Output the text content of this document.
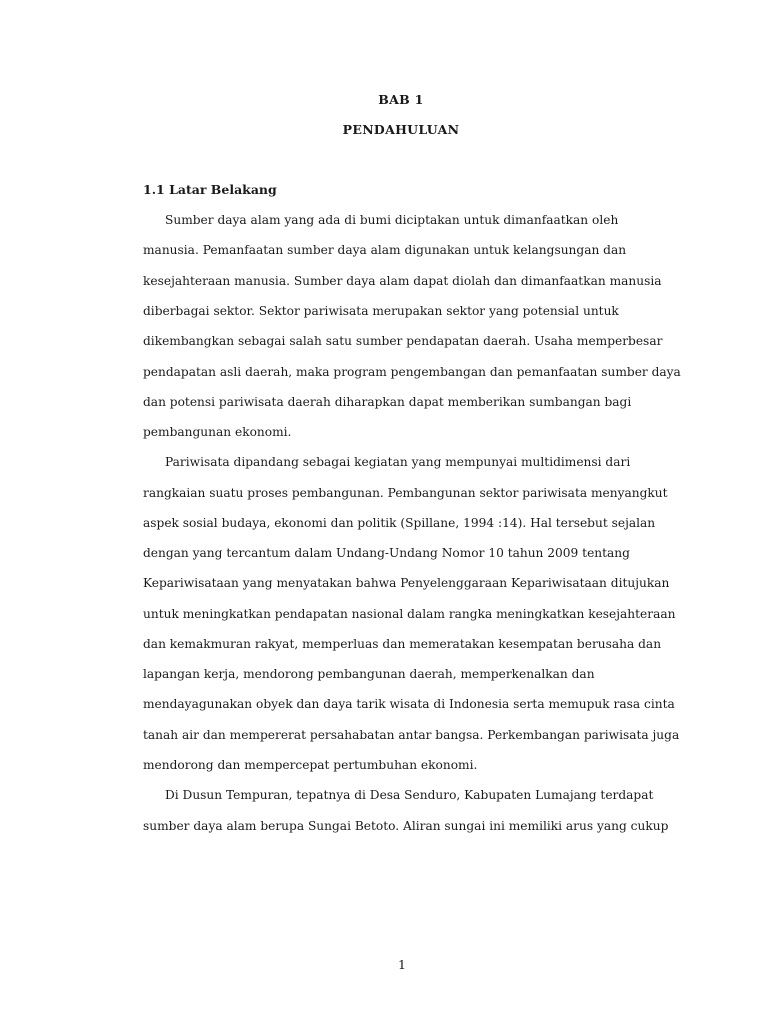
BAB 1
PENDAHULUAN
1.1 Latar Belakang
Sumber daya alam yang ada di bumi diciptakan untuk dimanfaatkan oleh
manusia. Pemanfaatan sumber daya alam digunakan untuk kelangsungan dan
kesejahteraan manusia. Sumber daya alam dapat diolah dan dimanfaatkan manusia
diberbagai sektor. Sektor pariwisata merupakan sektor yang potensial untuk
dikembangkan sebagai salah satu sumber pendapatan daerah. Usaha memperbesar
pendapatan asli daerah, maka program pengembangan dan pemanfaatan sumber daya
dan potensi pariwisata daerah diharapkan dapat memberikan sumbangan bagi
pembangunan ekonomi.
Pariwisata dipandang sebagai kegiatan yang mempunyai multidimensi dari
rangkaian suatu proses pembangunan. Pembangunan sektor pariwisata menyangkut
aspek sosial budaya, ekonomi dan politik (Spillane, 1994 :14). Hal tersebut sejalan
dengan yang tercantum dalam Undang-Undang Nomor 10 tahun 2009 tentang
Kepariwisataan yang menyatakan bahwa Penyelenggaraan Kepariwisataan ditujukan
untuk meningkatkan pendapatan nasional dalam rangka meningkatkan kesejahteraan
dan kemakmuran rakyat, memperluas dan memeratakan kesempatan berusaha dan
lapangan kerja, mendorong pembangunan daerah, memperkenalkan dan
mendayagunakan obyek dan daya tarik wisata di Indonesia serta memupuk rasa cinta
tanah air dan mempererat persahabatan antar bangsa. Perkembangan pariwisata juga
mendorong dan mempercepat pertumbuhan ekonomi.
Di Dusun Tempuran, tepatnya di Desa Senduro, Kabupaten Lumajang terdapat
sumber daya alam berupa Sungai Betoto. Aliran sungai ini memiliki arus yang cukup
1
